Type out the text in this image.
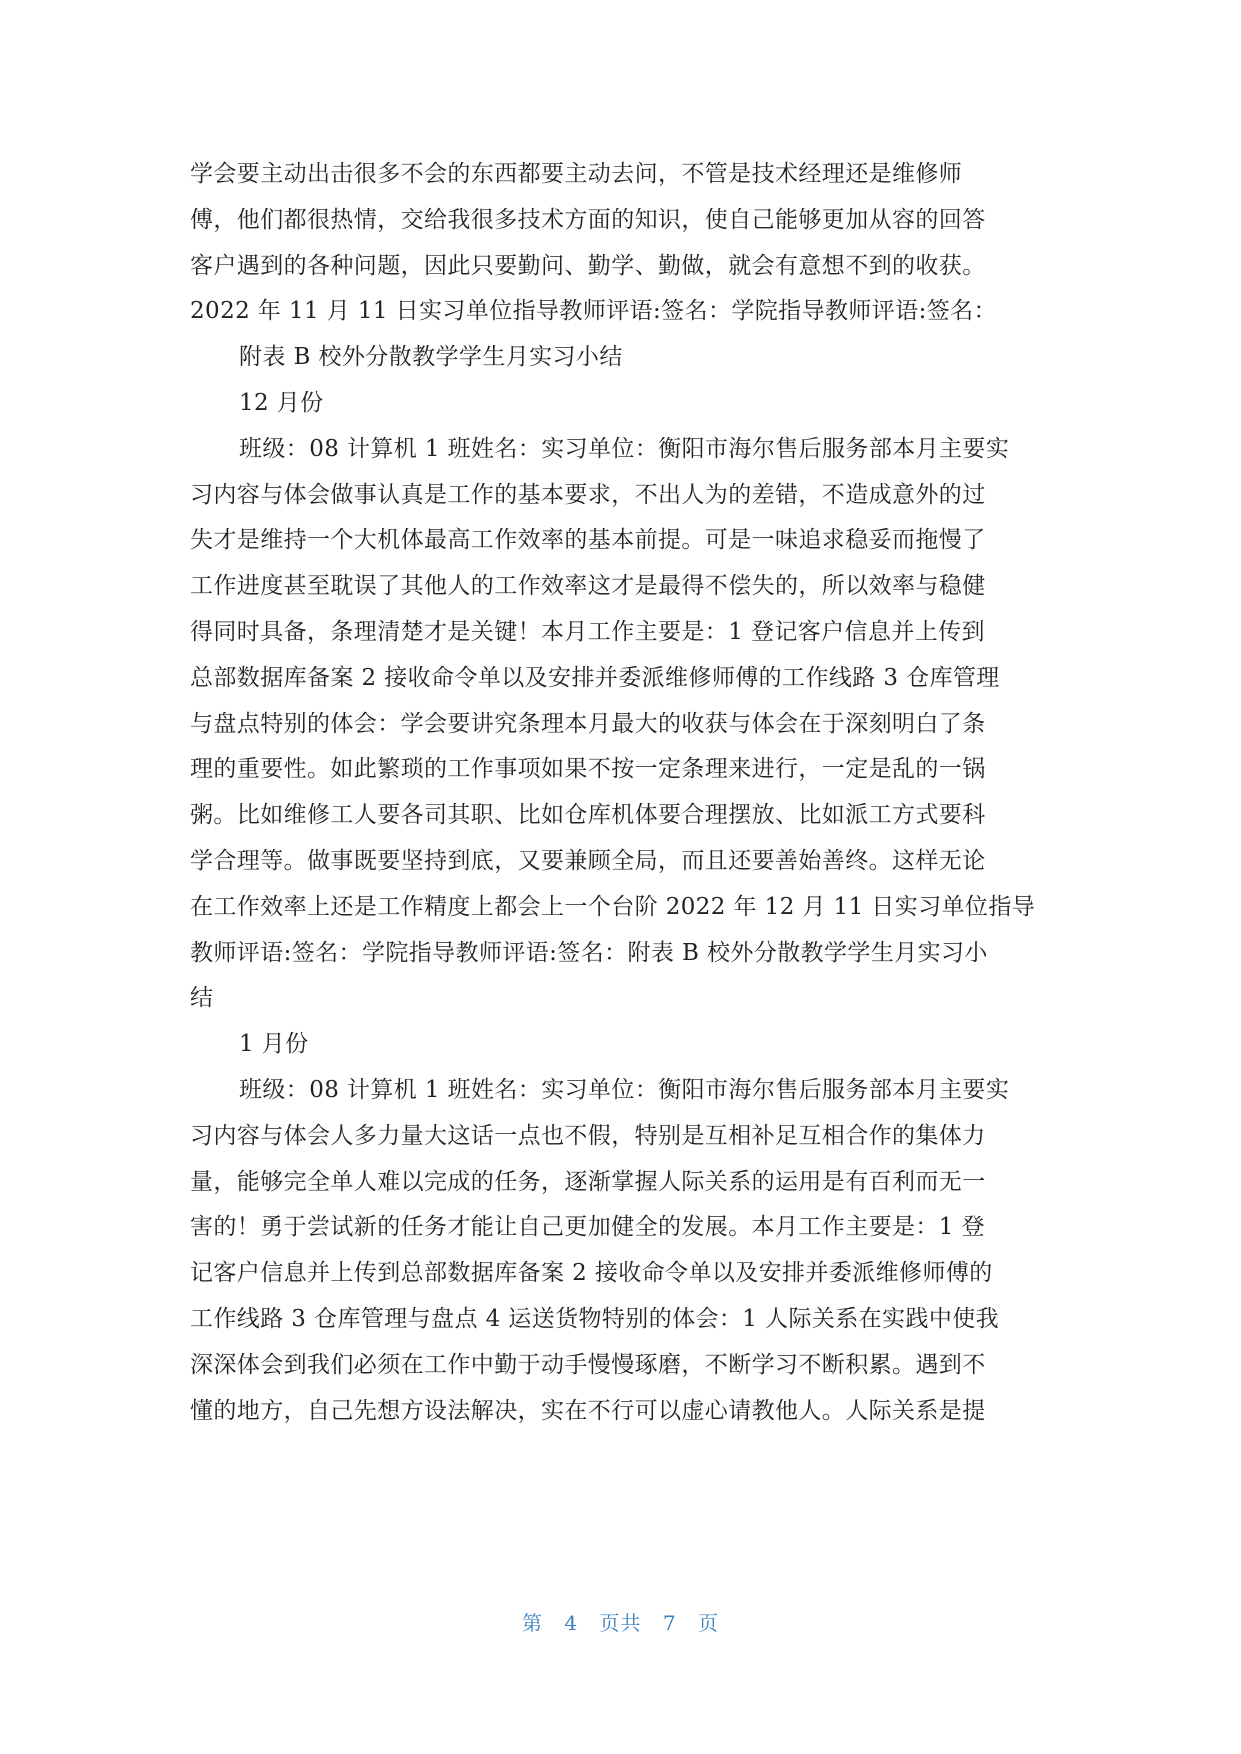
学会要主动出击很多不会的东西都要主动去问，不管是技术经理还是维修师
傅，他们都很热情，交给我很多技术方面的知识，使自己能够更加从容的回答
客户遇到的各种问题，因此只要勤问、勤学、勤做，就会有意想不到的收获。
2022 年 11 月 11 日实习单位指导教师评语:签名：学院指导教师评语:签名：
附表 B 校外分散教学学生月实习小结
12 月份
班级：08 计算机 1 班姓名：实习单位：衡阳市海尔售后服务部本月主要实
习内容与体会做事认真是工作的基本要求，不出人为的差错，不造成意外的过
失才是维持一个大机体最高工作效率的基本前提。可是一味追求稳妥而拖慢了
工作进度甚至耽误了其他人的工作效率这才是最得不偿失的，所以效率与稳健
得同时具备，条理清楚才是关键！本月工作主要是：1 登记客户信息并上传到
总部数据库备案 2 接收命令单以及安排并委派维修师傅的工作线路 3 仓库管理
与盘点特别的体会：学会要讲究条理本月最大的收获与体会在于深刻明白了条
理的重要性。如此繁琐的工作事项如果不按一定条理来进行，一定是乱的一锅
粥。比如维修工人要各司其职、比如仓库机体要合理摆放、比如派工方式要科
学合理等。做事既要坚持到底，又要兼顾全局，而且还要善始善终。这样无论
在工作效率上还是工作精度上都会上一个台阶 2022 年 12 月 11 日实习单位指导
教师评语:签名：学院指导教师评语:签名：附表 B 校外分散教学学生月实习小
结
1 月份
班级：08 计算机 1 班姓名：实习单位：衡阳市海尔售后服务部本月主要实
习内容与体会人多力量大这话一点也不假，特别是互相补足互相合作的集体力
量，能够完全单人难以完成的任务，逐渐掌握人际关系的运用是有百利而无一
害的！勇于尝试新的任务才能让自己更加健全的发展。本月工作主要是：1 登
记客户信息并上传到总部数据库备案 2 接收命令单以及安排并委派维修师傅的
工作线路 3 仓库管理与盘点 4 运送货物特别的体会：1 人际关系在实践中使我
深深体会到我们必须在工作中勤于动手慢慢琢磨，不断学习不断积累。遇到不
懂的地方，自己先想方设法解决，实在不行可以虚心请教他人。人际关系是提
第 4 页共 7 页
